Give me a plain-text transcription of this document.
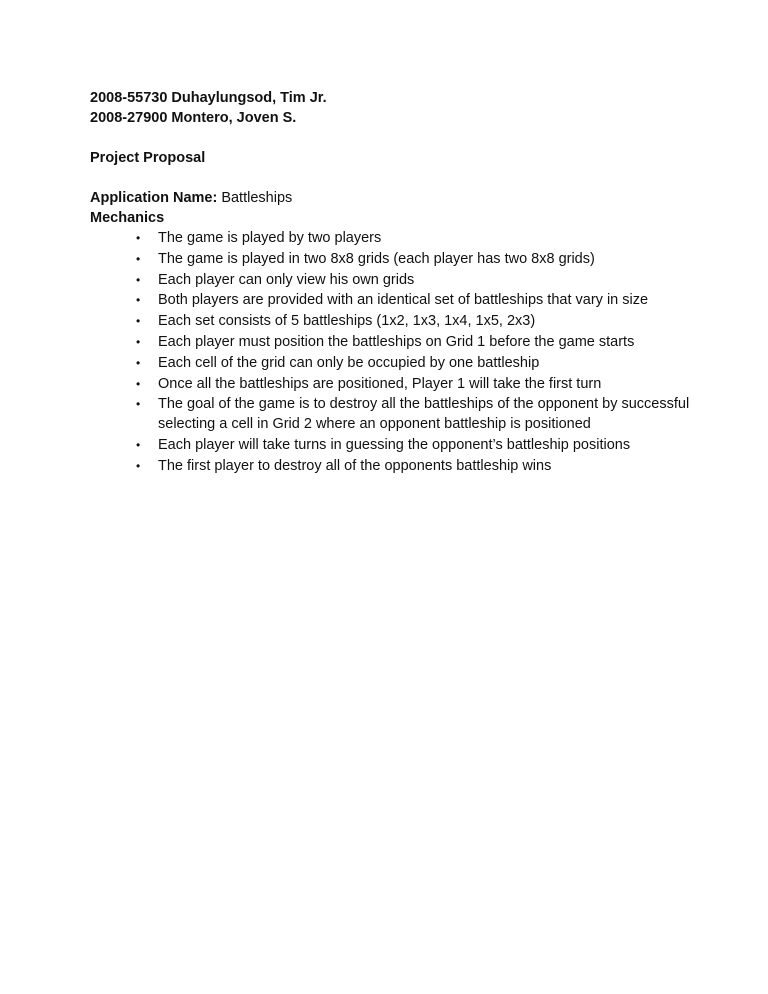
2008-55730 Duhaylungsod, Tim Jr.

2008-27900 Montero, Joven S.

Project Proposal

Application Name: Battleships

Mechanics

• The game is played by two players
• The game is played in two 8x8 grids (each player has two 8x8 grids)
• Each player can only view his own grids
• Both players are provided with an identical set of battleships that vary in size
• Each set consists of 5 battleships (1x2, 1x3, 1x4, 1x5, 2x3)
• Each player must position the battleships on Grid 1 before the game starts
• Each cell of the grid can only be occupied by one battleship
• Once all the battleships are positioned, Player 1 will take the first turn
• The goal of the game is to destroy all the battleships of the opponent by successful selecting a cell in Grid 2 where an opponent battleship is positioned
• Each player will take turns in guessing the opponent’s battleship positions
• The first player to destroy all of the opponents battleship wins
